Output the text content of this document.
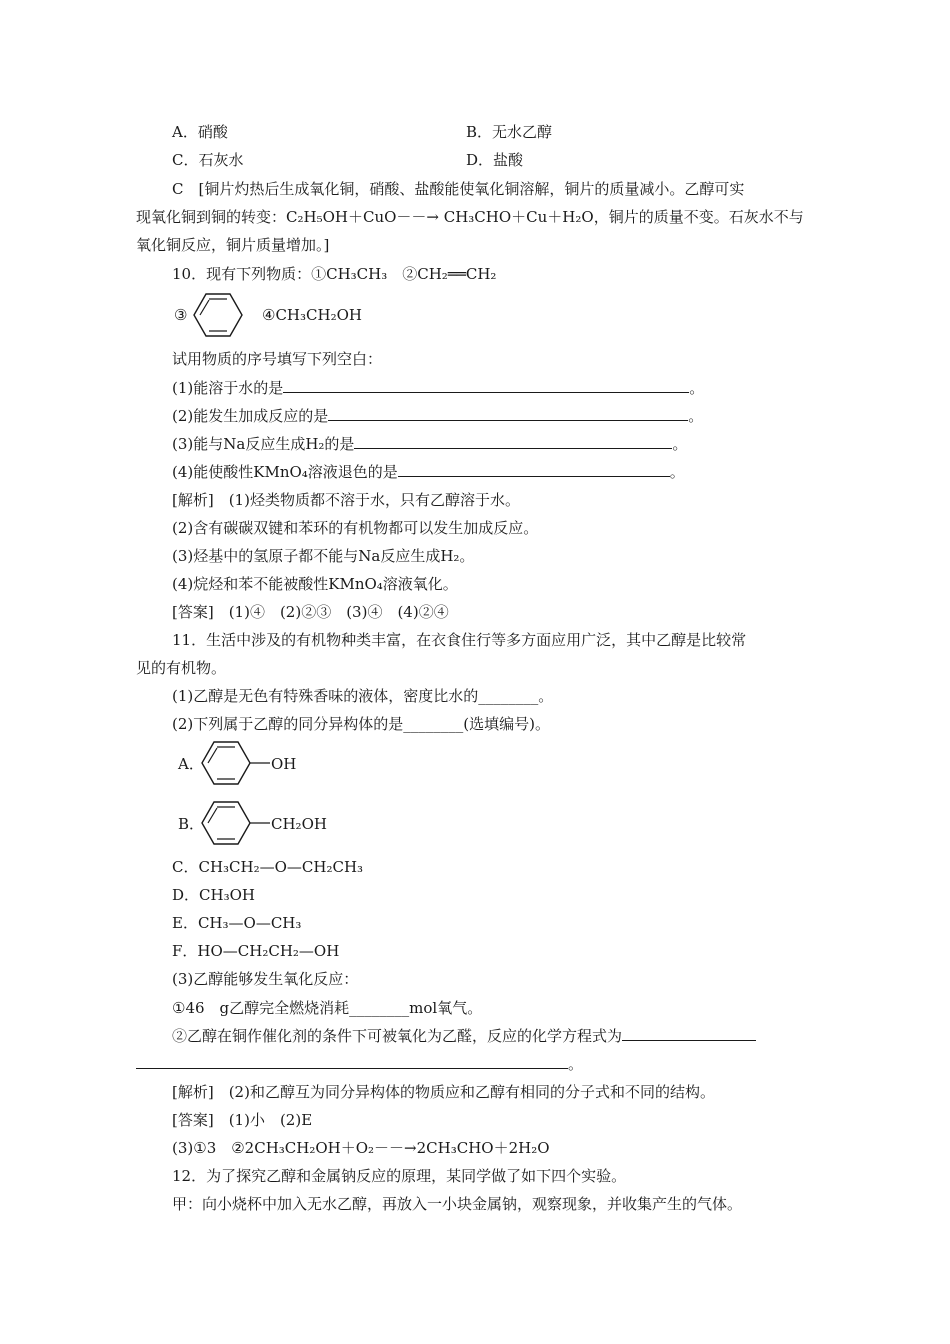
A．硝酸	B．无水乙醇
C．石灰水	D．盐酸
C　[铜片灼热后生成氧化铜，硝酸、盐酸能使氧化铜溶解，铜片的质量减小。乙醇可实
现氧化铜到铜的转变：C₂H₅OH＋CuO－－→ CH₃CHO＋Cu＋H₂O，铜片的质量不变。石灰水不与
氧化铜反应，铜片质量增加。]
10．现有下列物质：①CH₃CH₃　②CH₂══CH₂
③	④CH₃CH₂OH
试用物质的序号填写下列空白：
(1)能溶于水的是	。
(2)能发生加成反应的是	。
(3)能与Na反应生成H₂的是	。
(4)能使酸性KMnO₄溶液退色的是	。
[解析]　(1)烃类物质都不溶于水，只有乙醇溶于水。
(2)含有碳碳双键和苯环的有机物都可以发生加成反应。
(3)烃基中的氢原子都不能与Na反应生成H₂。
(4)烷烃和苯不能被酸性KMnO₄溶液氧化。
[答案]　(1)④　(2)②③　(3)④　(4)②④
11．生活中涉及的有机物种类丰富，在衣食住行等多方面应用广泛，其中乙醇是比较常
见的有机物。
(1)乙醇是无色有特殊香味的液体，密度比水的________。
(2)下列属于乙醇的同分异构体的是________(选填编号)。
A．	OH
B．	CH₂OH
C．CH₃CH₂—O—CH₂CH₃
D．CH₃OH
E．CH₃—O—CH₃
F．HO—CH₂CH₂—OH
(3)乙醇能够发生氧化反应：
①46　g乙醇完全燃烧消耗________mol氧气。
②乙醇在铜作催化剂的条件下可被氧化为乙醛，反应的化学方程式为
。
[解析]　(2)和乙醇互为同分异构体的物质应和乙醇有相同的分子式和不同的结构。
[答案]　(1)小　(2)E
(3)①3　②2CH₃CH₂OH＋O₂－－→2CH₃CHO＋2H₂O
12．为了探究乙醇和金属钠反应的原理，某同学做了如下四个实验。
甲：向小烧杯中加入无水乙醇，再放入一小块金属钠，观察现象，并收集产生的气体。
